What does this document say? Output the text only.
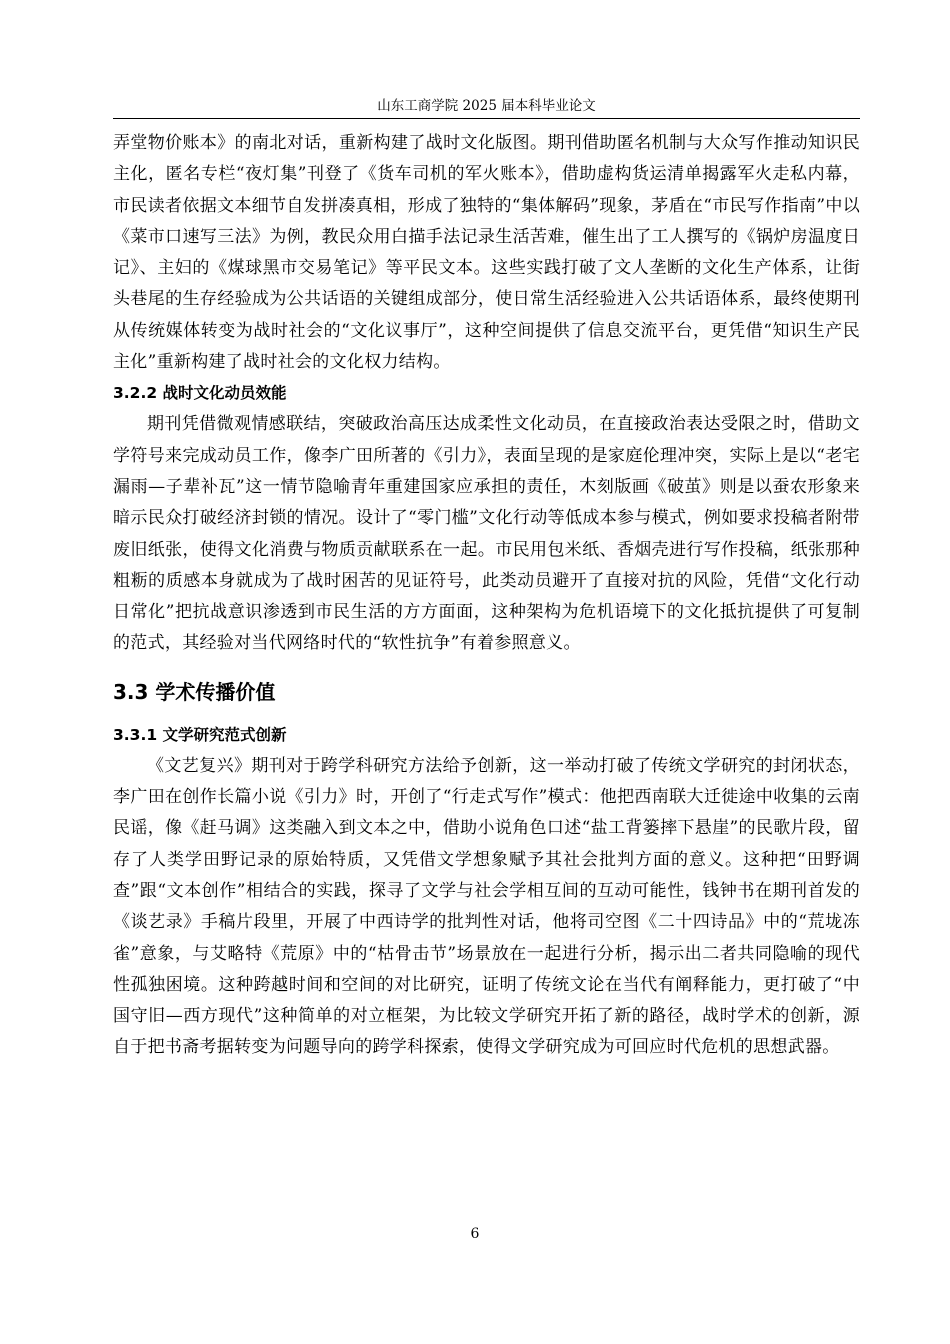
山东工商学院 2025 届本科毕业论文

弄堂物价账本》的南北对话，重新构建了战时文化版图。期刊借助匿名机制与大众写作推动知识民主化，匿名专栏“夜灯集”刊登了《货车司机的军火账本》，借助虚构货运清单揭露军火走私内幕，市民读者依据文本细节自发拼凑真相，形成了独特的“集体解码”现象，茅盾在“市民写作指南”中以《菜市口速写三法》为例，教民众用白描手法记录生活苦难，催生出了工人撰写的《锅炉房温度日记》、主妇的《煤球黑市交易笔记》等平民文本。这些实践打破了文人垄断的文化生产体系，让街头巷尾的生存经验成为公共话语的关键组成部分，使日常生活经验进入公共话语体系，最终使期刊从传统媒体转变为战时社会的“文化议事厅”，这种空间提供了信息交流平台，更凭借“知识生产民主化”重新构建了战时社会的文化权力结构。

3.2.2 战时文化动员效能

期刊凭借微观情感联结，突破政治高压达成柔性文化动员，在直接政治表达受限之时，借助文学符号来完成动员工作，像李广田所著的《引力》，表面呈现的是家庭伦理冲突，实际上是以“老宅漏雨—子辈补瓦”这一情节隐喻青年重建国家应承担的责任，木刻版画《破茧》则是以蚕农形象来暗示民众打破经济封锁的情况。设计了“零门槛”文化行动等低成本参与模式，例如要求投稿者附带废旧纸张，使得文化消费与物质贡献联系在一起。市民用包米纸、香烟壳进行写作投稿，纸张那种粗粝的质感本身就成为了战时困苦的见证符号，此类动员避开了直接对抗的风险，凭借“文化行动日常化”把抗战意识渗透到市民生活的方方面面，这种架构为危机语境下的文化抵抗提供了可复制的范式，其经验对当代网络时代的“软性抗争”有着参照意义。

3.3 学术传播价值
3.3.1 文学研究范式创新

《文艺复兴》期刊对于跨学科研究方法给予创新，这一举动打破了传统文学研究的封闭状态，李广田在创作长篇小说《引力》时，开创了“行走式写作”模式：他把西南联大迁徙途中收集的云南民谣，像《赶马调》这类融入到文本之中，借助小说角色口述“盐工背篓摔下悬崖”的民歌片段，留存了人类学田野记录的原始特质，又凭借文学想象赋予其社会批判方面的意义。这种把“田野调查”跟“文本创作”相结合的实践，探寻了文学与社会学相互间的互动可能性，钱钟书在期刊首发的《谈艺录》手稿片段里，开展了中西诗学的批判性对话，他将司空图《二十四诗品》中的“荒垅冻雀”意象，与艾略特《荒原》中的“枯骨击节”场景放在一起进行分析，揭示出二者共同隐喻的现代性孤独困境。这种跨越时间和空间的对比研究，证明了传统文论在当代有阐释能力，更打破了“中国守旧—西方现代”这种简单的对立框架，为比较文学研究开拓了新的路径，战时学术的创新，源自于把书斋考据转变为问题导向的跨学科探索，使得文学研究成为可回应时代危机的思想武器。

6
